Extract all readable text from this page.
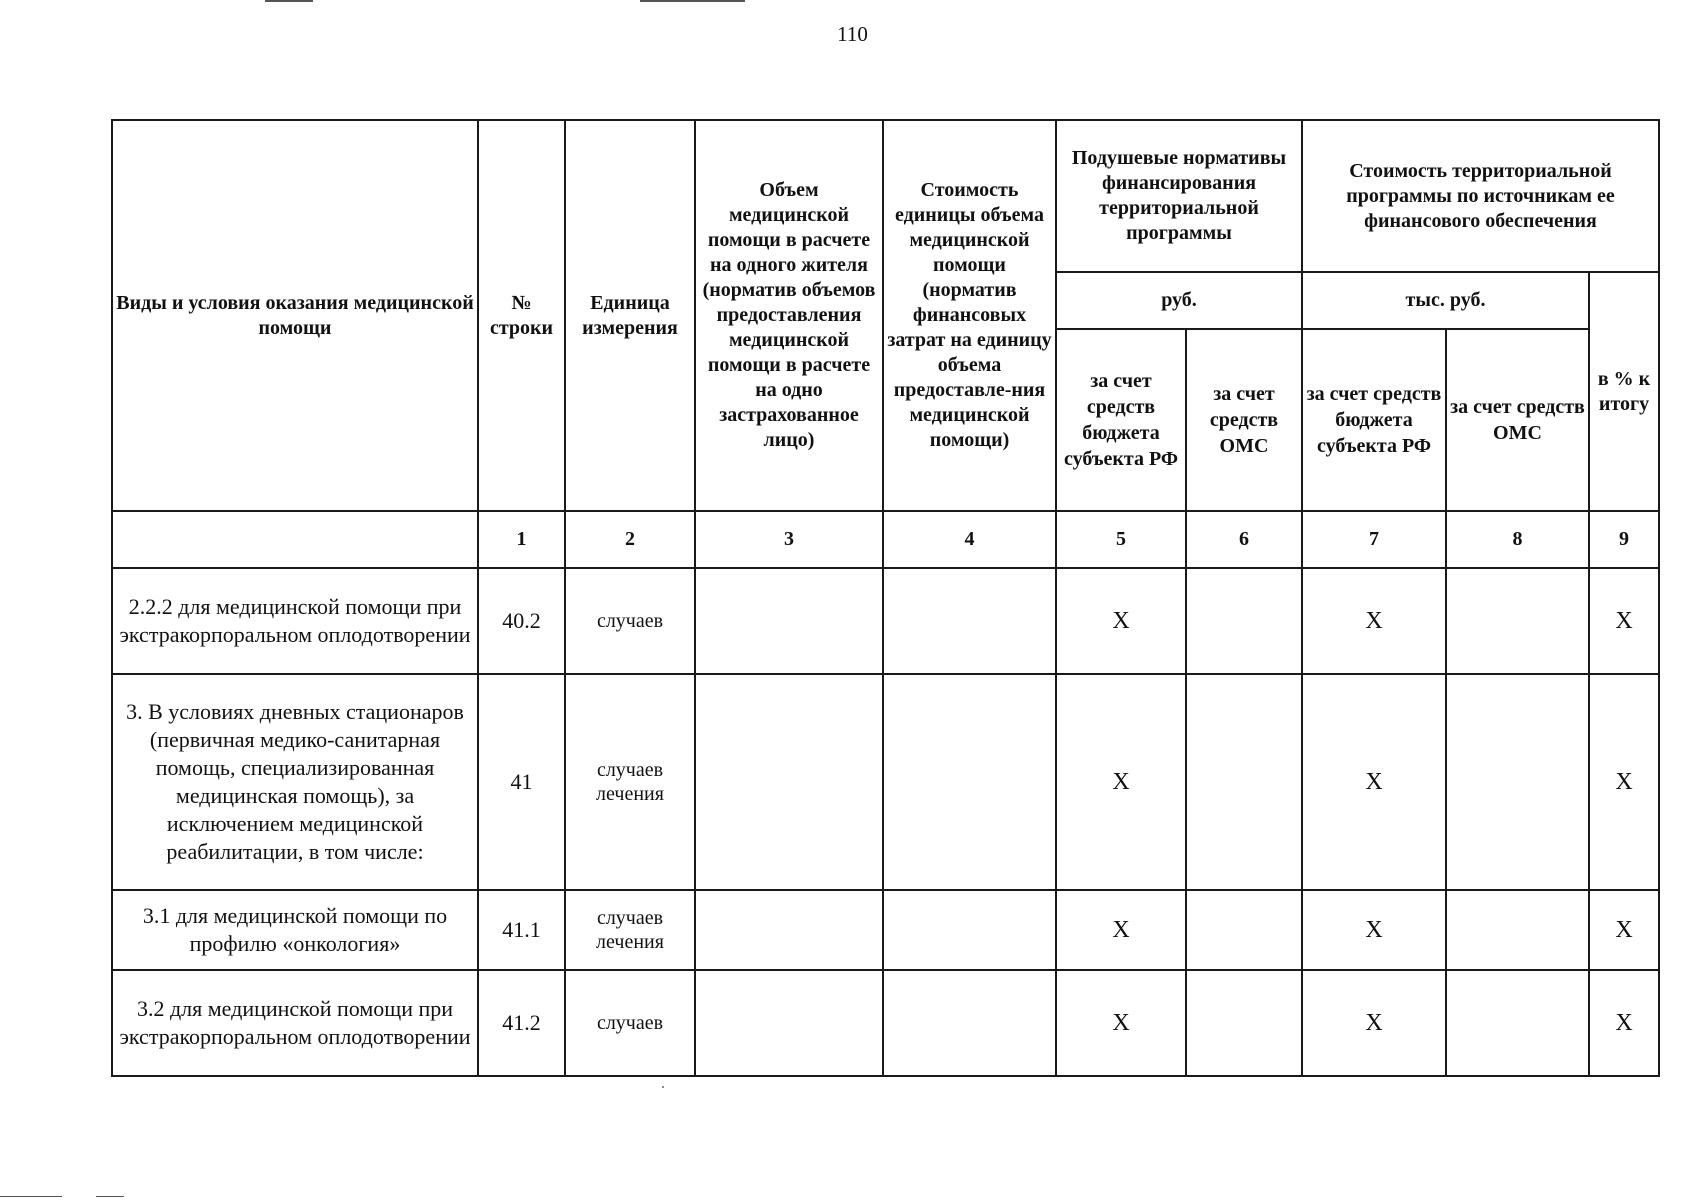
110
Виды и условия оказания медицинской помощи	№ строки	Единица измерения	Объем медицинской помощи в расчете на одного жителя (норматив объемов предоставления медицинской помощи в расчете на одно застрахованное лицо)	Стоимость единицы объема медицинской помощи (норматив финансовых затрат на единицу объема предоставле-ния медицинской помощи)	Подушевые нормативы финансирования территориальной программы		Стоимость территориальной программы по источникам ее финансового обеспечения		
					руб.		тыс. руб.		в % к итогу
					за счет средств бюджета субъекта РФ	за счет средств ОМС	за счет средств бюджета субъекта РФ	за счет средств ОМС	
	1	2	3	4	5	6	7	8	9
2.2.2 для медицинской помощи при экстракорпоральном оплодотворении	40.2	случаев			Х		Х		Х
3. В условиях дневных стационаров (первичная медико-санитарная помощь, специализированная медицинская помощь), за исключением медицинской реабилитации, в том числе:	41	случаев лечения			Х		Х		Х
3.1 для медицинской помощи по профилю «онкология»	41.1	случаев лечения			Х		Х		Х
3.2 для медицинской помощи при экстракорпоральном оплодотворении	41.2	случаев			Х		Х		Х
